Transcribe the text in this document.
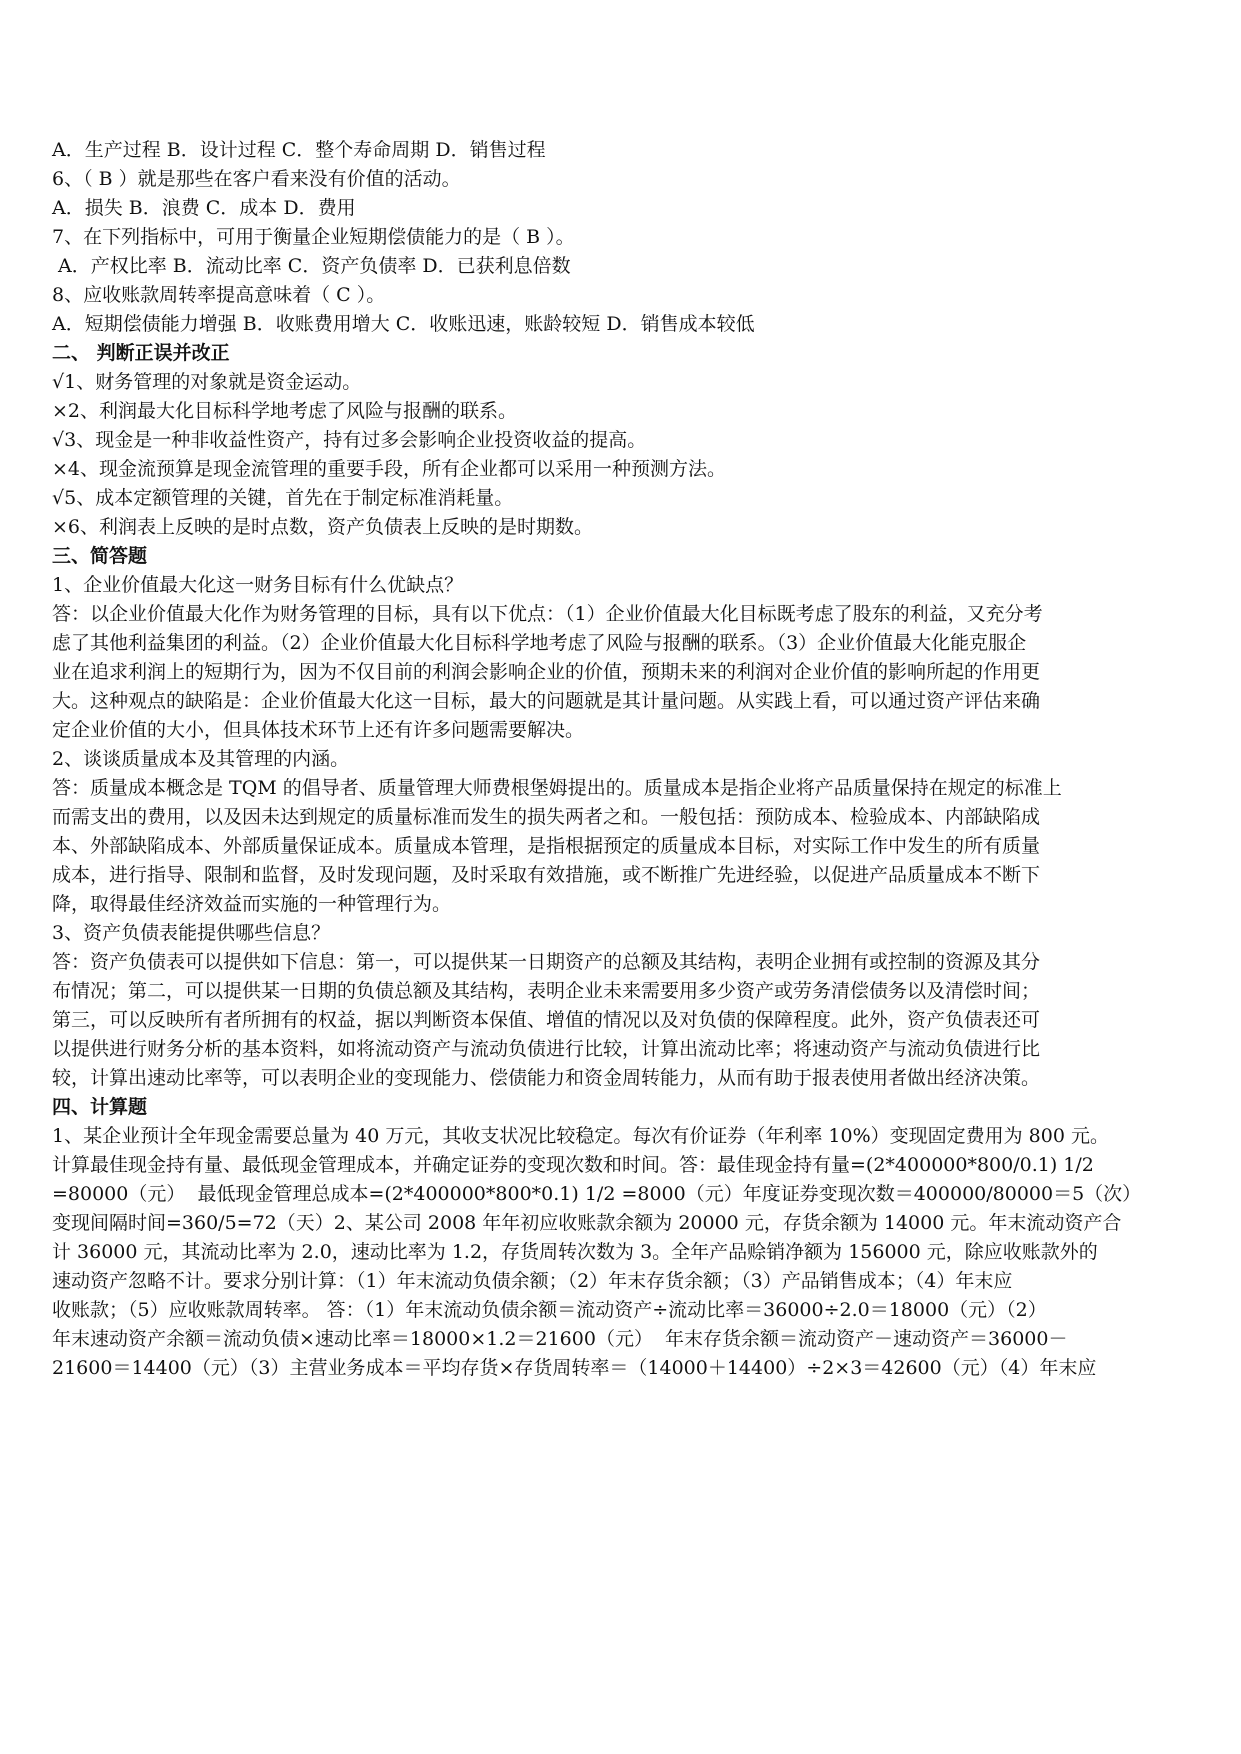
A．生产过程 B．设计过程 C．整个寿命周期 D．销售过程
6、（ B ）就是那些在客户看来没有价值的活动。
A．损失 B．浪费 C．成本 D．费用
7、在下列指标中，可用于衡量企业短期偿债能力的是（ B ）。
A．产权比率 B．流动比率 C．资产负债率 D．已获利息倍数
8、应收账款周转率提高意味着（ C ）。
A．短期偿债能力增强 B．收账费用增大 C．收账迅速，账龄较短 D．销售成本较低
二、 判断正误并改正
√1、财务管理的对象就是资金运动。
×2、利润最大化目标科学地考虑了风险与报酬的联系。
√3、现金是一种非收益性资产，持有过多会影响企业投资收益的提高。
×4、现金流预算是现金流管理的重要手段，所有企业都可以采用一种预测方法。
√5、成本定额管理的关键，首先在于制定标准消耗量。
×6、利润表上反映的是时点数，资产负债表上反映的是时期数。
三、简答题
1、企业价值最大化这一财务目标有什么优缺点？
答：以企业价值最大化作为财务管理的目标，具有以下优点：（1）企业价值最大化目标既考虑了股东的利益，又充分考
虑了其他利益集团的利益。（2）企业价值最大化目标科学地考虑了风险与报酬的联系。（3）企业价值最大化能克服企
业在追求利润上的短期行为，因为不仅目前的利润会影响企业的价值，预期未来的利润对企业价值的影响所起的作用更
大。这种观点的缺陷是：企业价值最大化这一目标，最大的问题就是其计量问题。从实践上看，可以通过资产评估来确
定企业价值的大小，但具体技术环节上还有许多问题需要解决。
2、谈谈质量成本及其管理的内涵。
答：质量成本概念是 TQM 的倡导者、质量管理大师费根堡姆提出的。质量成本是指企业将产品质量保持在规定的标准上
而需支出的费用，以及因未达到规定的质量标准而发生的损失两者之和。一般包括：预防成本、检验成本、内部缺陷成
本、外部缺陷成本、外部质量保证成本。质量成本管理，是指根据预定的质量成本目标，对实际工作中发生的所有质量
成本，进行指导、限制和监督，及时发现问题，及时采取有效措施，或不断推广先进经验，以促进产品质量成本不断下
降，取得最佳经济效益而实施的一种管理行为。
3、资产负债表能提供哪些信息？
答：资产负债表可以提供如下信息：第一，可以提供某一日期资产的总额及其结构，表明企业拥有或控制的资源及其分
布情况；第二，可以提供某一日期的负债总额及其结构，表明企业未来需要用多少资产或劳务清偿债务以及清偿时间；
第三，可以反映所有者所拥有的权益，据以判断资本保值、增值的情况以及对负债的保障程度。此外，资产负债表还可
以提供进行财务分析的基本资料，如将流动资产与流动负债进行比较，计算出流动比率；将速动资产与流动负债进行比
较，计算出速动比率等，可以表明企业的变现能力、偿债能力和资金周转能力，从而有助于报表使用者做出经济决策。
四、计算题
1、某企业预计全年现金需要总量为 40 万元，其收支状况比较稳定。每次有价证券（年利率 10%）变现固定费用为 800 元。
计算最佳现金持有量、最低现金管理成本，并确定证券的变现次数和时间。答：最佳现金持有量=(2*400000*800/0.1) 1/2
=80000（元）  最低现金管理总成本=(2*400000*800*0.1) 1/2 =8000（元）年度证券变现次数＝400000/80000＝5（次）
变现间隔时间=360/5=72（天）2、某公司 2008 年年初应收账款余额为 20000 元，存货余额为 14000 元。年末流动资产合
计 36000 元，其流动比率为 2.0，速动比率为 1.2，存货周转次数为 3。全年产品赊销净额为 156000 元，除应收账款外的
速动资产忽略不计。要求分别计算：（1）年末流动负债余额；（2）年末存货余额；（3）产品销售成本；（4）年末应
收账款；（5）应收账款周转率。 答：（1）年末流动负债余额＝流动资产÷流动比率＝36000÷2.0＝18000（元）（2）
年末速动资产余额＝流动负债×速动比率＝18000×1.2＝21600（元）  年末存货余额＝流动资产－速动资产＝36000－
21600＝14400（元）（3）主营业务成本＝平均存货×存货周转率＝（14000＋14400）÷2×3＝42600（元）（4）年末应
